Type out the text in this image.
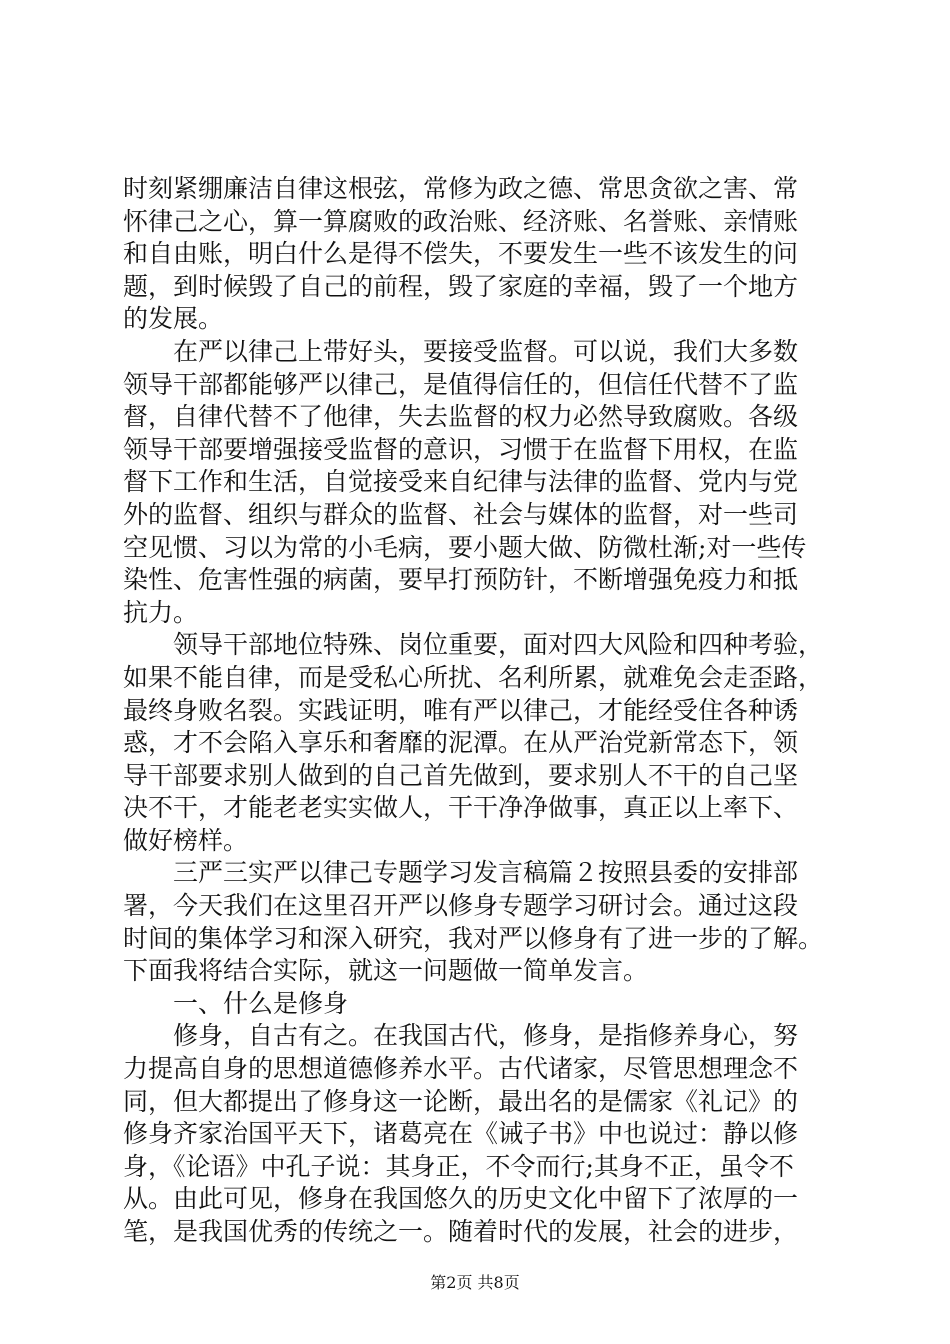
时刻紧绷廉洁自律这根弦，常修为政之德、常思贪欲之害、常
怀律己之心，算一算腐败的政治账、经济账、名誉账、亲情账
和自由账，明白什么是得不偿失，不要发生一些不该发生的问
题，到时候毁了自己的前程，毁了家庭的幸福，毁了一个地方
的发展。
　　在严以律己上带好头，要接受监督。可以说，我们大多数
领导干部都能够严以律己，是值得信任的，但信任代替不了监
督，自律代替不了他律，失去监督的权力必然导致腐败。各级
领导干部要增强接受监督的意识，习惯于在监督下用权，在监
督下工作和生活，自觉接受来自纪律与法律的监督、党内与党
外的监督、组织与群众的监督、社会与媒体的监督，对一些司
空见惯、习以为常的小毛病，要小题大做、防微杜渐;对一些传
染性、危害性强的病菌，要早打预防针，不断增强免疫力和抵
抗力。
　　领导干部地位特殊、岗位重要，面对四大风险和四种考验，
如果不能自律，而是受私心所扰、名利所累，就难免会走歪路，
最终身败名裂。实践证明，唯有严以律己，才能经受住各种诱
惑，才不会陷入享乐和奢靡的泥潭。在从严治党新常态下，领
导干部要求别人做到的自己首先做到，要求别人不干的自己坚
决不干，才能老老实实做人，干干净净做事，真正以上率下、
做好榜样。
　　三严三实严以律己专题学习发言稿篇２按照县委的安排部
署，今天我们在这里召开严以修身专题学习研讨会。通过这段
时间的集体学习和深入研究，我对严以修身有了进一步的了解。
下面我将结合实际，就这一问题做一简单发言。
　　一、什么是修身
　　修身，自古有之。在我国古代，修身，是指修养身心，努
力提高自身的思想道德修养水平。古代诸家，尽管思想理念不
同，但大都提出了修身这一论断，最出名的是儒家《礼记》的
修身齐家治国平天下，诸葛亮在《诫子书》中也说过：静以修
身，《论语》中孔子说：其身正，不令而行;其身不正，虽令不
从。由此可见，修身在我国悠久的历史文化中留下了浓厚的一
笔，是我国优秀的传统之一。随着时代的发展，社会的进步，
第2页 共8页
